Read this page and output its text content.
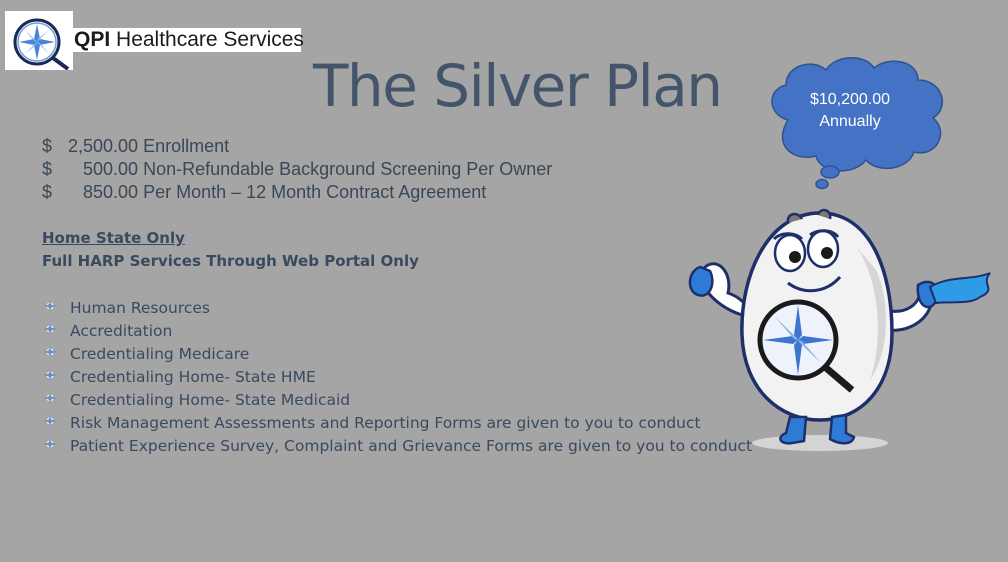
QPI Healthcare Services
The Silver Plan
$ 2,500.00 Enrollment
$ 500.00 Non-Refundable Background Screening Per Owner
$ 850.00 Per Month – 12 Month Contract Agreement
Home State Only
Full HARP Services Through Web Portal Only
Human Resources
Accreditation
Credentialing Medicare
Credentialing Home- State HME
Credentialing Home- State Medicaid
Risk Management Assessments and Reporting Forms are given to you to conduct
Patient Experience Survey, Complaint and Grievance Forms are given to you to conduct
$10,200.00
Annually
